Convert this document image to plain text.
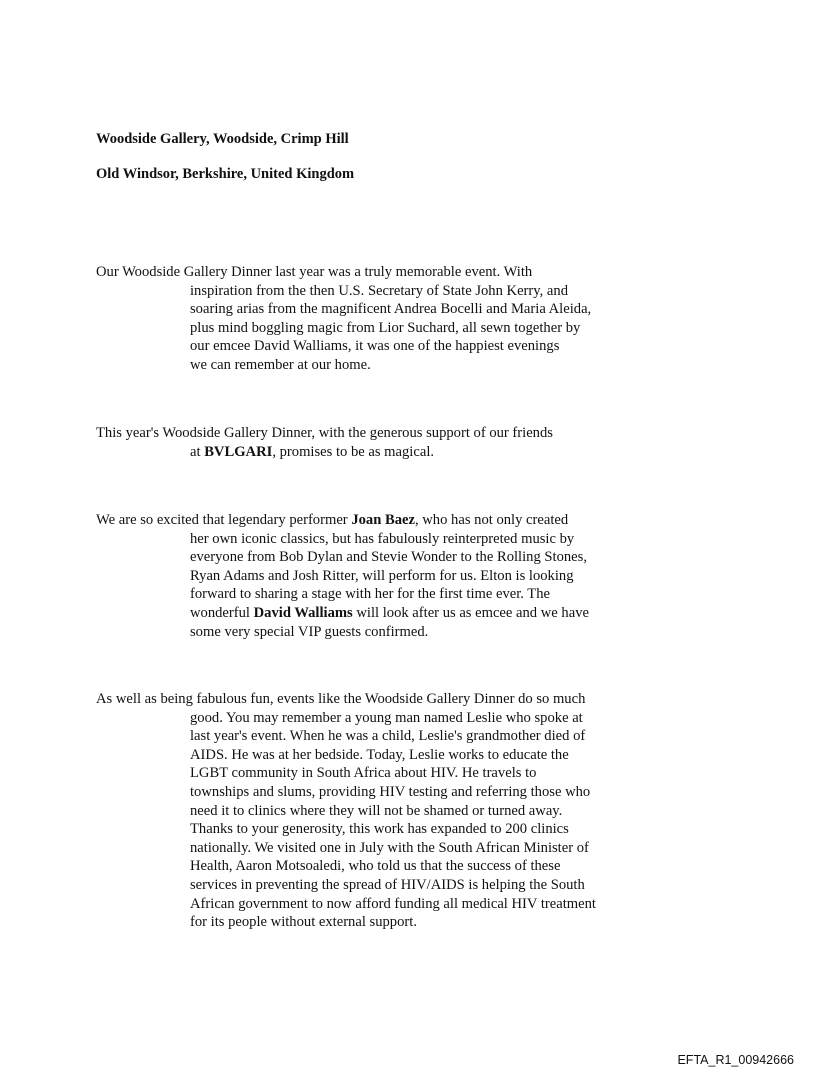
Woodside Gallery, Woodside, Crimp Hill
Old Windsor, Berkshire, United Kingdom
Our Woodside Gallery Dinner last year was a truly memorable event. With
inspiration from the then U.S. Secretary of State John Kerry, and
soaring arias from the magnificent Andrea Bocelli and Maria Aleida,
plus mind boggling magic from Lior Suchard, all sewn together by
our emcee David Walliams, it was one of the happiest evenings
we can remember at our home.
This year's Woodside Gallery Dinner, with the generous support of our friends
at BVLGARI, promises to be as magical.
We are so excited that legendary performer Joan Baez, who has not only created
her own iconic classics, but has fabulously reinterpreted music by
everyone from Bob Dylan and Stevie Wonder to the Rolling Stones,
Ryan Adams and Josh Ritter, will perform for us. Elton is looking
forward to sharing a stage with her for the first time ever. The
wonderful David Walliams will look after us as emcee and we have
some very special VIP guests confirmed.
As well as being fabulous fun, events like the Woodside Gallery Dinner do so much
good. You may remember a young man named Leslie who spoke at
last year's event. When he was a child, Leslie's grandmother died of
AIDS. He was at her bedside. Today, Leslie works to educate the
LGBT community in South Africa about HIV. He travels to
townships and slums, providing HIV testing and referring those who
need it to clinics where they will not be shamed or turned away.
Thanks to your generosity, this work has expanded to 200 clinics
nationally. We visited one in July with the South African Minister of
Health, Aaron Motsoaledi, who told us that the success of these
services in preventing the spread of HIV/AIDS is helping the South
African government to now afford funding all medical HIV treatment
for its people without external support.
EFTA_R1_00942666
